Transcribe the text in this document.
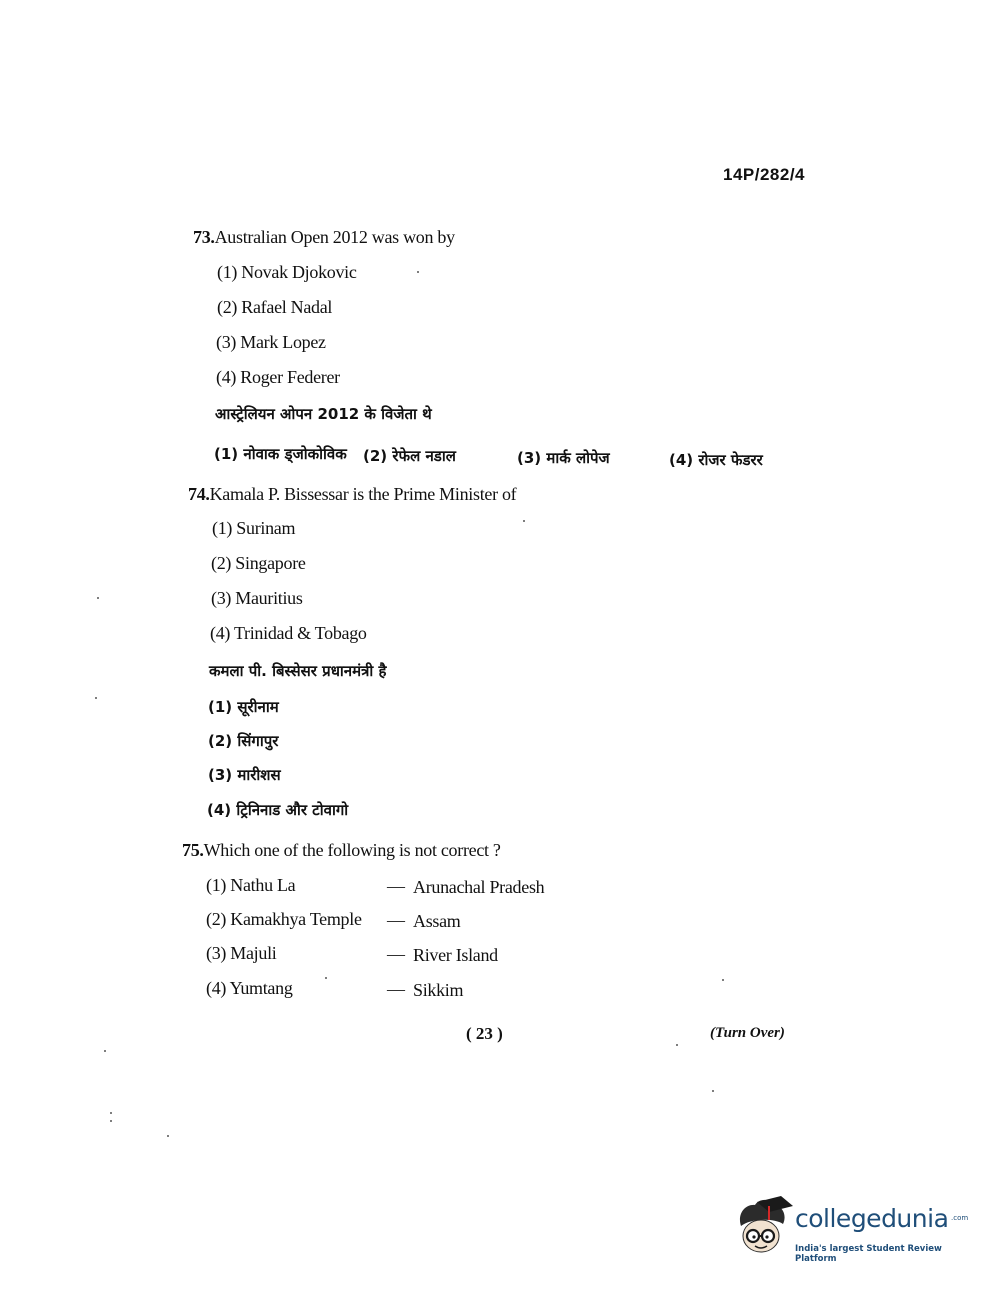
14P/282/4
73.Australian Open 2012 was won by
(1) Novak Djokovic
(2) Rafael Nadal
(3) Mark Lopez
(4) Roger Federer
आस्ट्रेलियन ओपन 2012 के विजेता थे
(1) नोवाक ड्जोकोविक (2) रेफेल नडाल	(3) मार्क लोपेज	(4) रोजर फेडरर
74.Kamala P. Bissessar is the Prime Minister of
(1) Surinam
(2) Singapore
(3) Mauritius
(4) Trinidad & Tobago
कमला पी. बिस्सेसर प्रधानमंत्री है
(1) सूरीनाम
(2) सिंगापुर
(3) मारीशस
(4) ट्रिनिनाड और टोवागो
75.Which one of the following is not correct ?
(1) Nathu La	— Arunachal Pradesh
(2) Kamakhya Temple — Assam
(3) Majuli	— River Island
(4) Yumtang	— Sikkim
( 23 )	(Turn Over)
collegedunia .com
India's largest Student Review Platform
